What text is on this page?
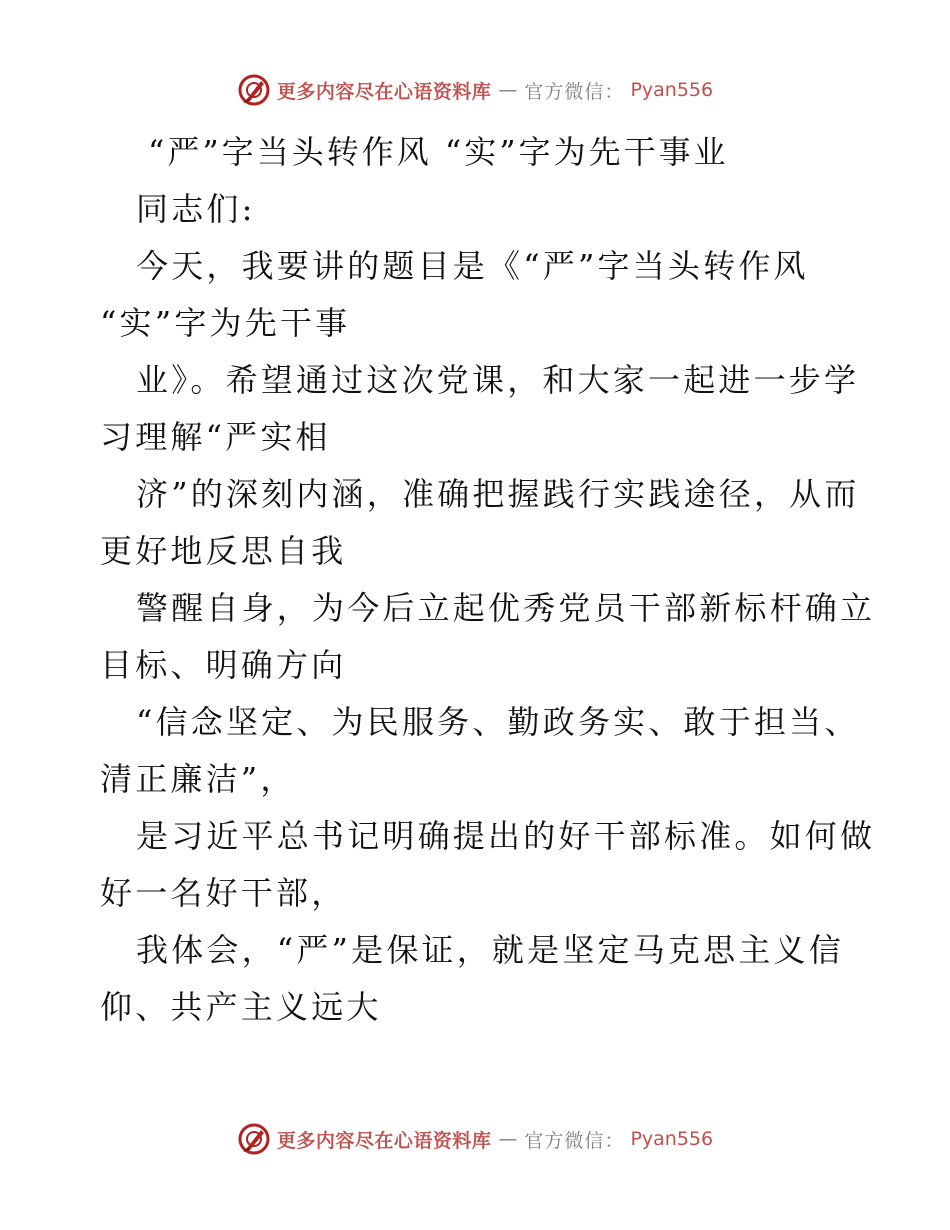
更多内容尽在心语资料库 — 官方微信： Pyan556
“严”字当头转作风 “实”字为先干事业
同志们:
今天，我要讲的题目是《“严”字当头转作风
“实”字为先干事
业》。希望通过这次党课，和大家一起进一步学
习理解“严实相
济”的深刻内涵，准确把握践行实践途径，从而
更好地反思自我
警醒自身，为今后立起优秀党员干部新标杆确立
目标、明确方向
“信念坚定、为民服务、勤政务实、敢于担当、
清正廉洁”，
是习近平总书记明确提出的好干部标准。如何做
好一名好干部，
我体会，“严”是保证，就是坚定马克思主义信
仰、共产主义远大
更多内容尽在心语资料库 — 官方微信： Pyan556
